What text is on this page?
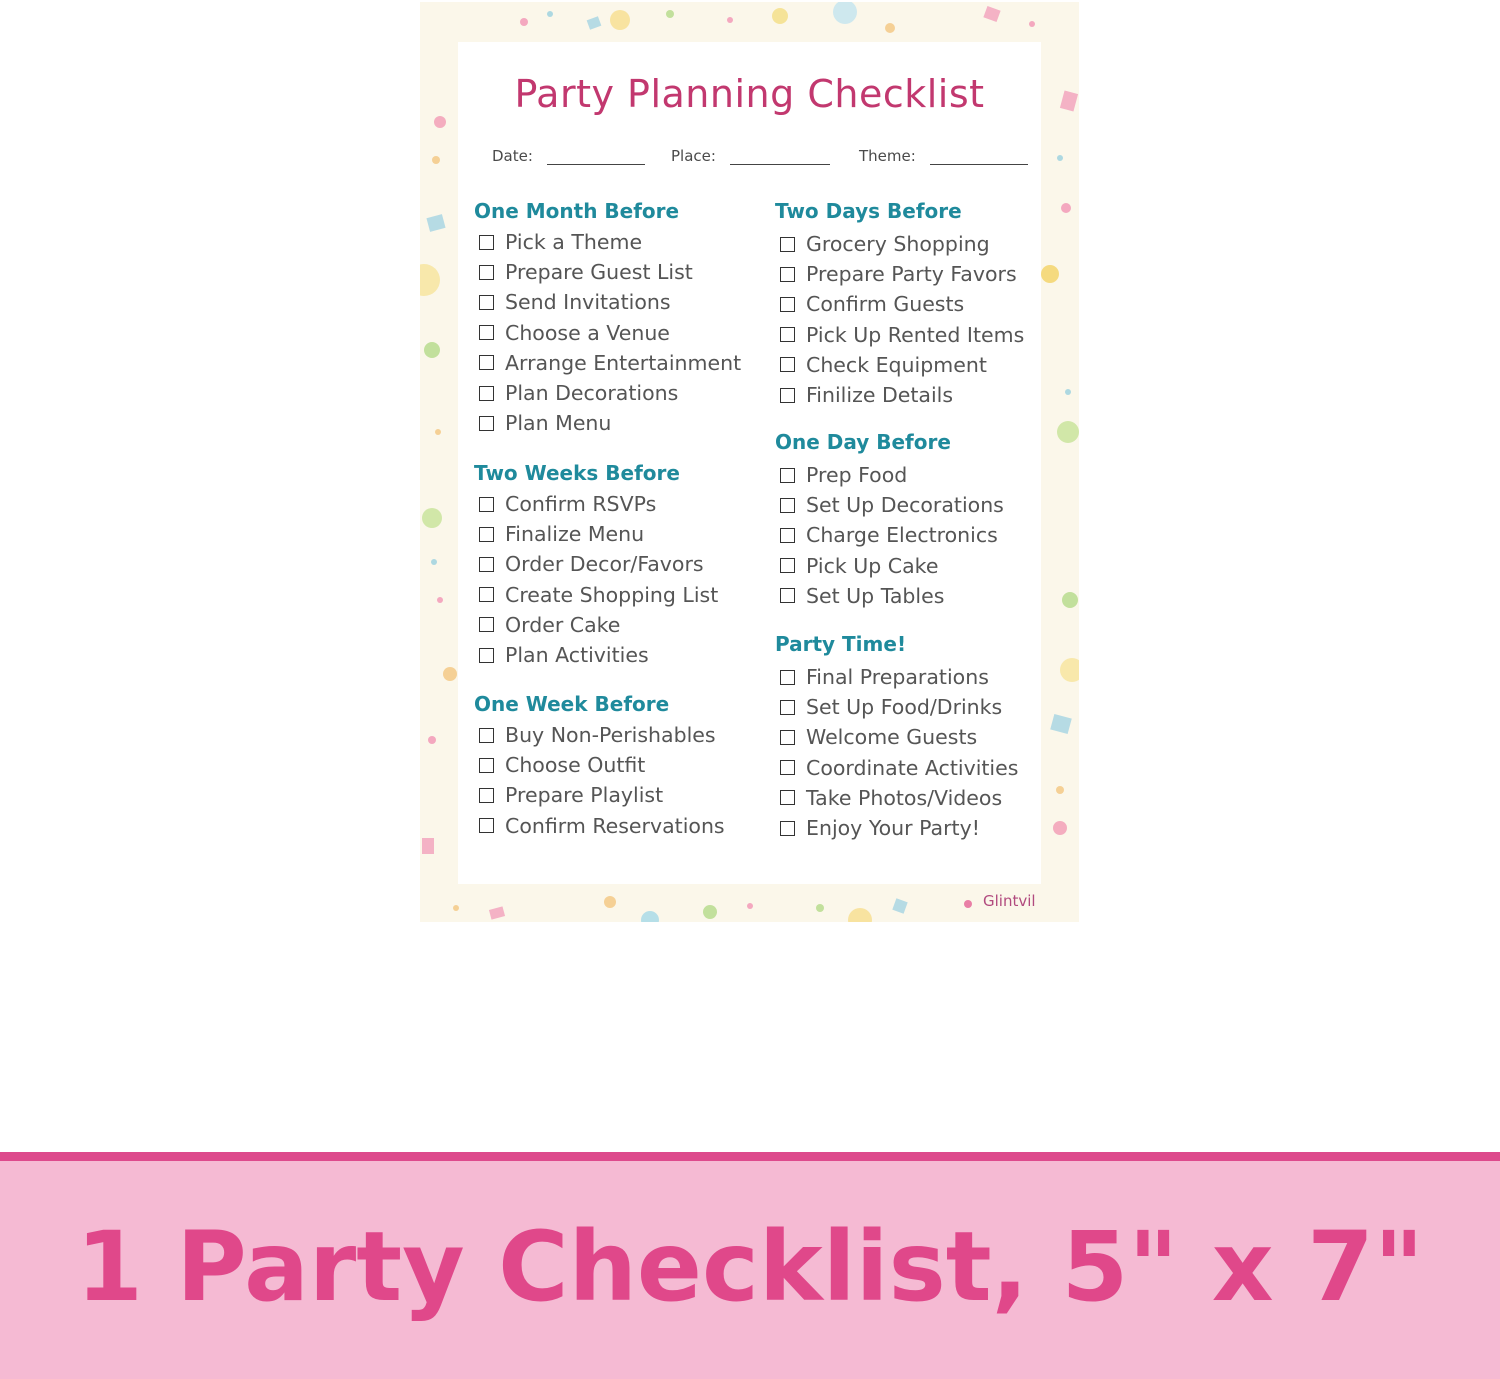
Party Planning Checklist
Date:	Place:	Theme:
One Month Before
Pick a Theme
Prepare Guest List
Send Invitations
Choose a Venue
Arrange Entertainment
Plan Decorations
Plan Menu
Two Weeks Before
Confirm RSVPs
Finalize Menu
Order Decor/Favors
Create Shopping List
Order Cake
Plan Activities
One Week Before
Buy Non-Perishables
Choose Outfit
Prepare Playlist
Confirm Reservations
Two Days Before
Grocery Shopping
Prepare Party Favors
Confirm Guests
Pick Up Rented Items
Check Equipment
Finilize Details
One Day Before
Prep Food
Set Up Decorations
Charge Electronics
Pick Up Cake
Set Up Tables
Party Time!
Final Preparations
Set Up Food/Drinks
Welcome Guests
Coordinate Activities
Take Photos/Videos
Enjoy Your Party!
Glintvil

1 Party Checklist, 5" x 7"
